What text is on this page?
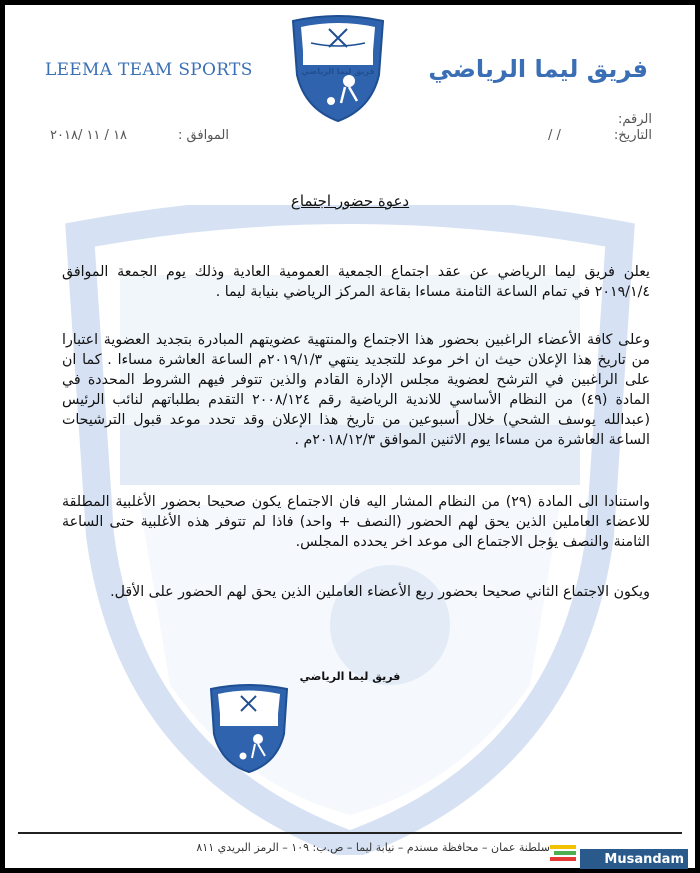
LEEMA TEAM SPORTS	فريق ليما الرياضي
فريق ليما الرياضي
الرقم:
التاريخ:
/ /
الموافق :
١٨ / ١١ /٢٠١٨
دعوة حضور اجتماع
يعلن فريق ليما الرياضي عن عقد اجتماع الجمعية العمومية العادية وذلك يوم الجمعة الموافق ٢٠١٩/١/٤ في تمام الساعة الثامنة مساءا بقاعة المركز الرياضي بنيابة ليما .
وعلى كافة الأعضاء الراغبين بحضور هذا الاجتماع والمنتهية عضويتهم المبادرة بتجديد العضوية اعتبارا من تاريخ هذا الإعلان حيث ان اخر موعد للتجديد ينتهي ٢٠١٩/١/٣م الساعة العاشرة مساءا . كما ان على الراغبين في الترشح لعضوية مجلس الإدارة القادم والذين تتوفر فيهم الشروط المحددة في المادة (٤٩) من النظام الأساسي للاندية الرياضية رقم ٢٠٠٨/١٢٤ التقدم بطلباتهم لنائب الرئيس (عبدالله يوسف الشحي) خلال أسبوعين من تاريخ هذا الإعلان وقد تحدد موعد قبول الترشيحات الساعة العاشرة من مساءا يوم الاثنين الموافق ٢٠١٨/١٢/٣م .
واستنادا الى المادة (٢٩) من النظام المشار اليه فان الاجتماع يكون صحيحا بحضور الأغلبية المطلقة للاعضاء العاملين الذين يحق لهم الحضور (النصف + واحد) فاذا لم تتوفر هذه الأغلبية حتى الساعة الثامنة والنصف يؤجل الاجتماع الى موعد اخر يحدده المجلس.
ويكون الاجتماع الثاني صحيحا بحضور ربع الأعضاء العاملين الذين يحق لهم الحضور على الأقل.
فريق ليما الرياضي
سلطنة عمان – محافظة مسندم – نيابة ليما – ص.ب: ١٠٩ – الرمز البريدي ٨١١
Musandam
